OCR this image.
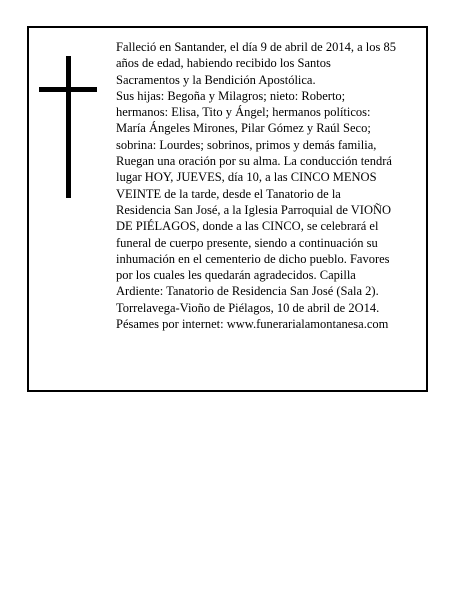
Falleció en Santander, el día 9 de abril de 2014, a los 85
años de edad, habiendo recibido los Santos
Sacramentos y la Bendición Apostólica.
Sus hijas: Begoña y Milagros; nieto: Roberto;
hermanos: Elisa, Tito y Ángel; hermanos políticos:
María Ángeles Mirones, Pilar Gómez y Raúl Seco;
sobrina: Lourdes; sobrinos, primos y demás familia,
Ruegan una oración por su alma. La conducción tendrá
lugar HOY, JUEVES, día 10, a las CINCO MENOS
VEINTE de la tarde, desde el Tanatorio de la
Residencia San José, a la Iglesia Parroquial de VIOÑO
DE PIÉLAGOS, donde a las CINCO, se celebrará el
funeral de cuerpo presente, siendo a continuación su
inhumación en el cementerio de dicho pueblo. Favores
por los cuales les quedarán agradecidos. Capilla
Ardiente: Tanatorio de Residencia San José (Sala 2).
Torrelavega-Vioño de Piélagos, 10 de abril de 2O14.
Pésames por internet: www.funerarialamontanesa.com
